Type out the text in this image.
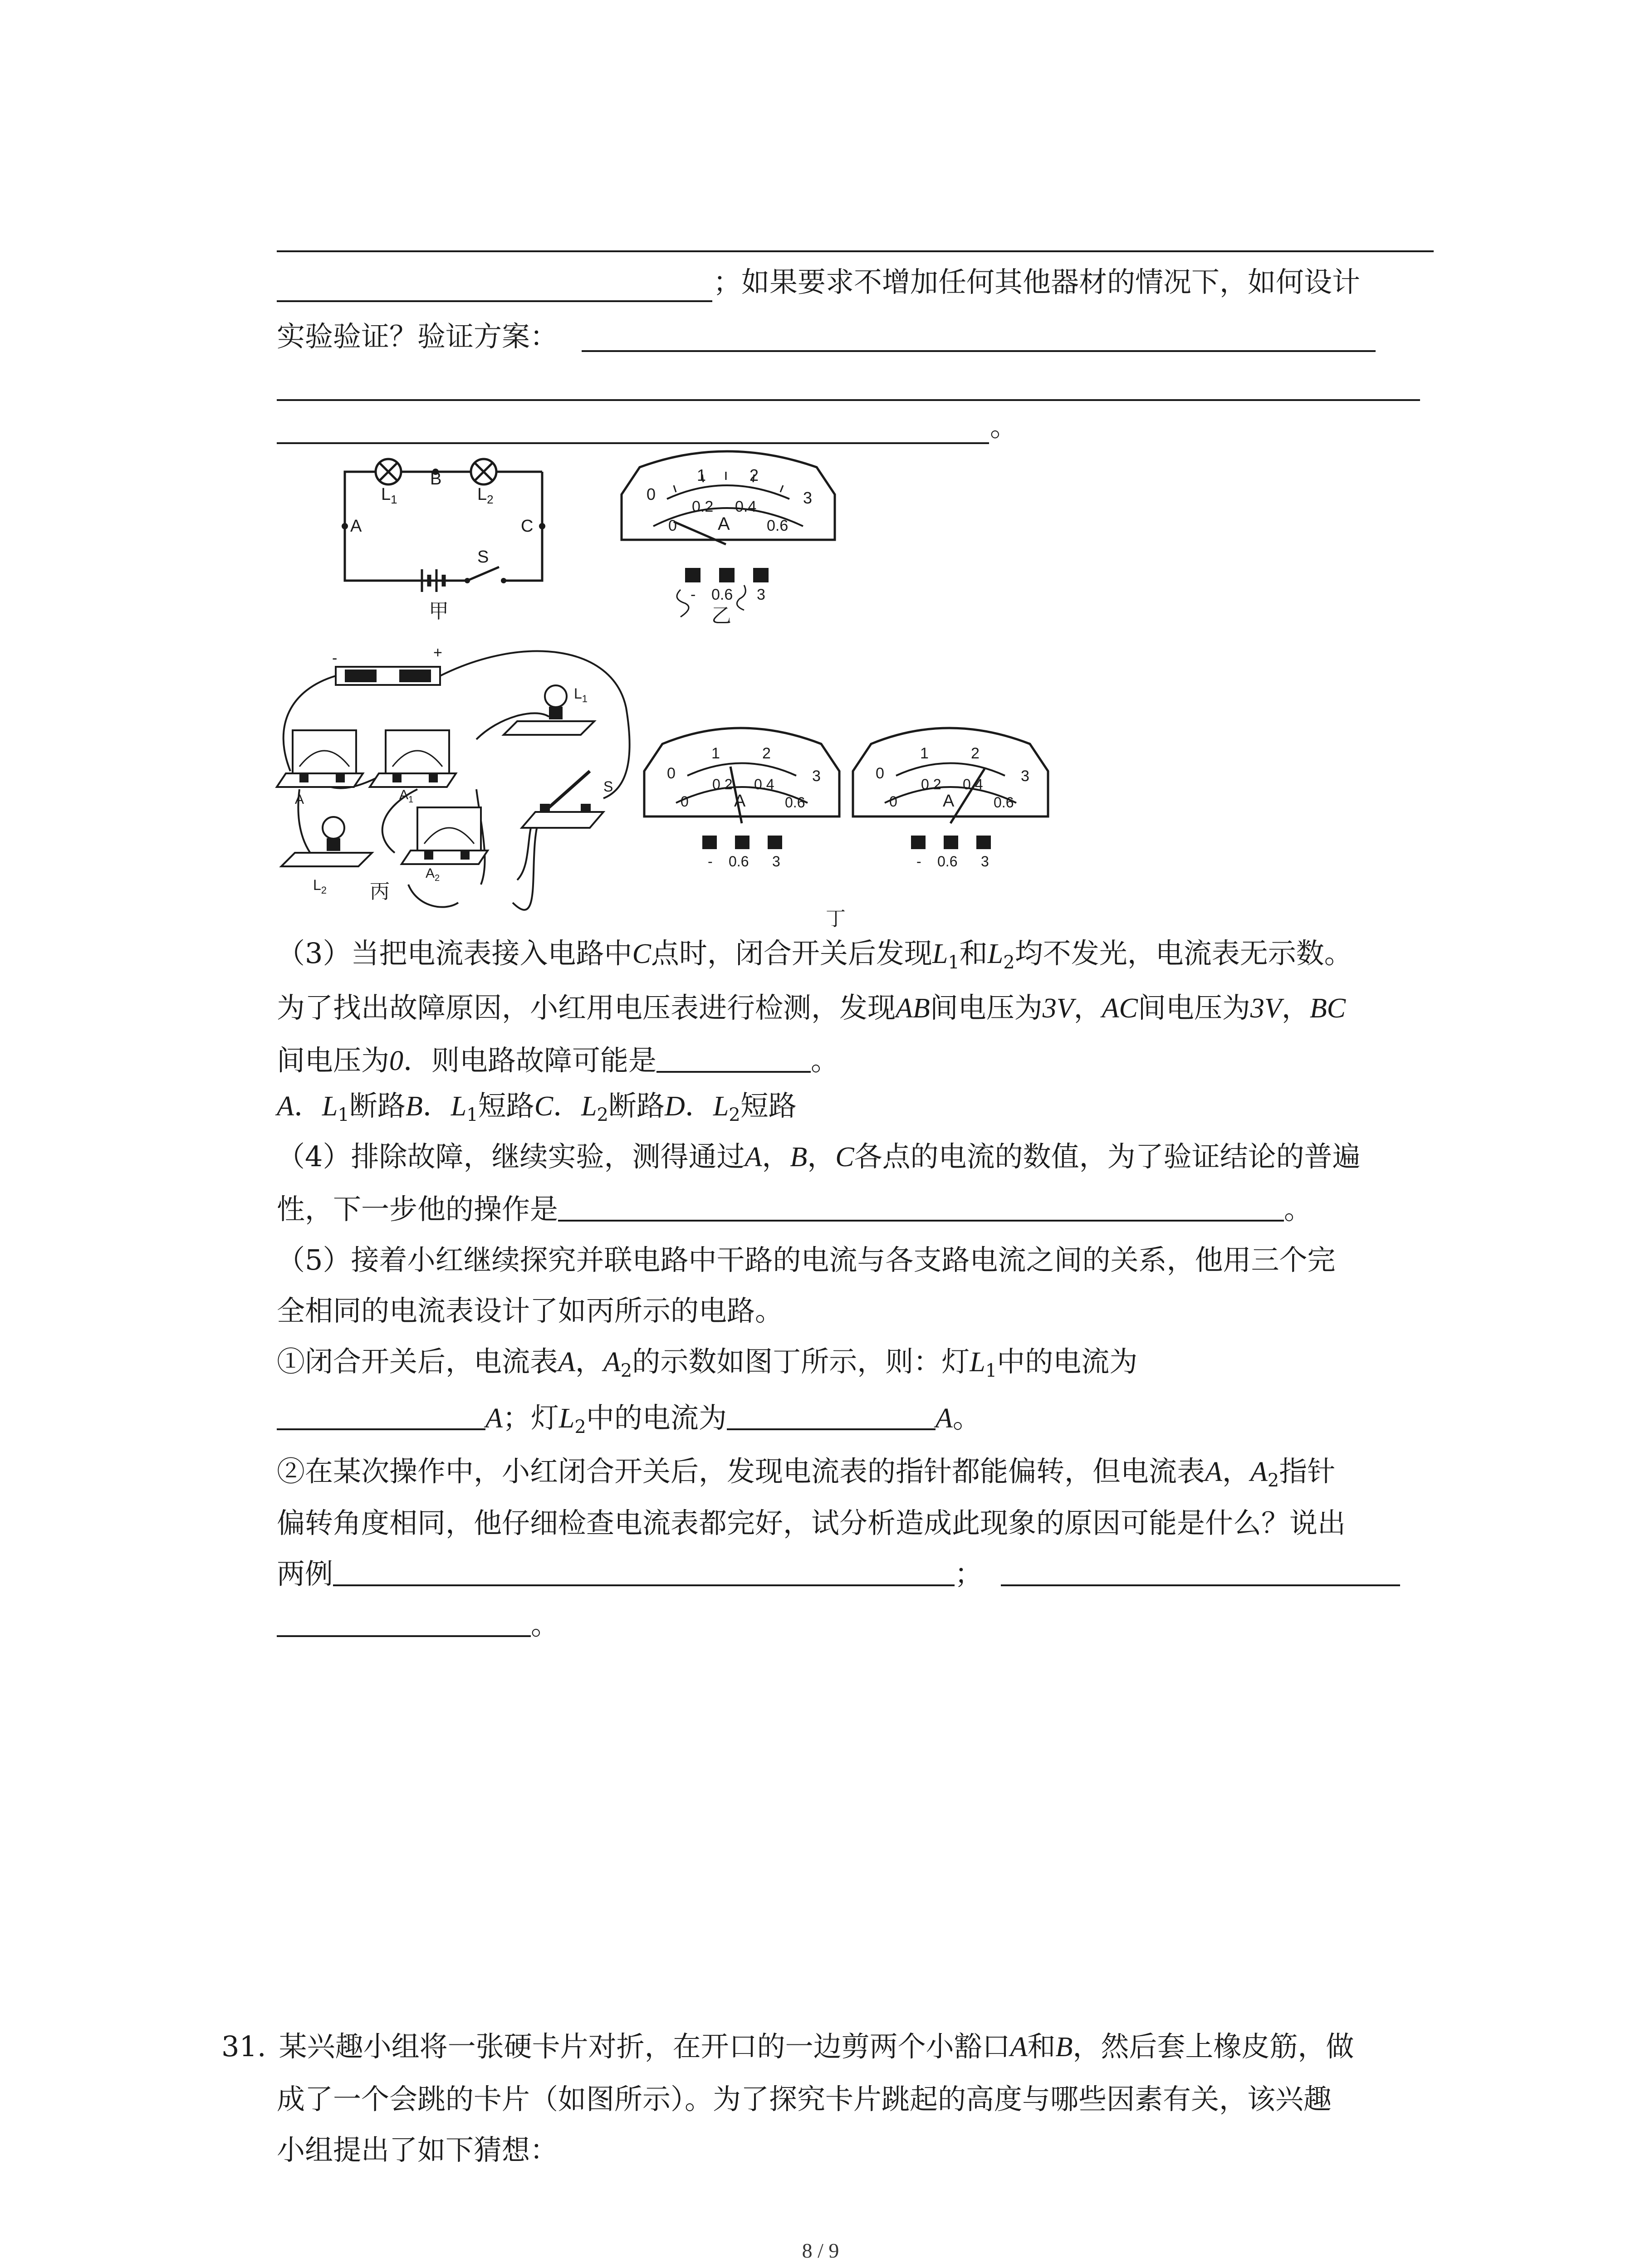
；如果要求不增加任何其他器材的情况下，如何设计
实验验证？验证方案：
。
$L_1$	$L_2$
B
A	C
S
甲
0
1	2
3
0
0.2 0.4
0.6
A
- 0.6 3
乙
-	+
$L_1$
A	$A_1$
S
$L_2$
$A_2$
丙
0
1	2
3
0
0.2 0.4
0.6
A
- 0.6 3
0
1	2
3
0
0.2 0.4
0.6
A
- 0.6 3
丁
（3）当把电流表接入电路中C点时，闭合开关后发现$L_1$和$L_2$均不发光，电流表无示数。
为了找出故障原因，小红用电压表进行检测，发现AB间电压为3V，AC间电压为3V，BC
间电压为0．则电路故障可能是	。
A．$L_1$断路B．$L_1$短路C．$L_2$断路D．$L_2$短路
（4）排除故障，继续实验，测得通过A，B，C各点的电流的数值，为了验证结论的普遍
性，下一步他的操作是	。
（5）接着小红继续探究并联电路中干路的电流与各支路电流之间的关系，他用三个完
全相同的电流表设计了如丙所示的电路。
①闭合开关后，电流表A，$A_2$的示数如图丁所示，则：灯$L_1$中的电流为
A；灯$L_2$中的电流为	A。
②在某次操作中，小红闭合开关后，发现电流表的指针都能偏转，但电流表A，$A_2$指针
偏转角度相同，他仔细检查电流表都完好，试分析造成此现象的原因可能是什么？说出
两例	；
。
31. 某兴趣小组将一张硬卡片对折，在开口的一边剪两个小豁口A和B，然后套上橡皮筋，做
成了一个会跳的卡片（如图所示）。为了探究卡片跳起的高度与哪些因素有关，该兴趣
小组提出了如下猜想：
8 / 9
